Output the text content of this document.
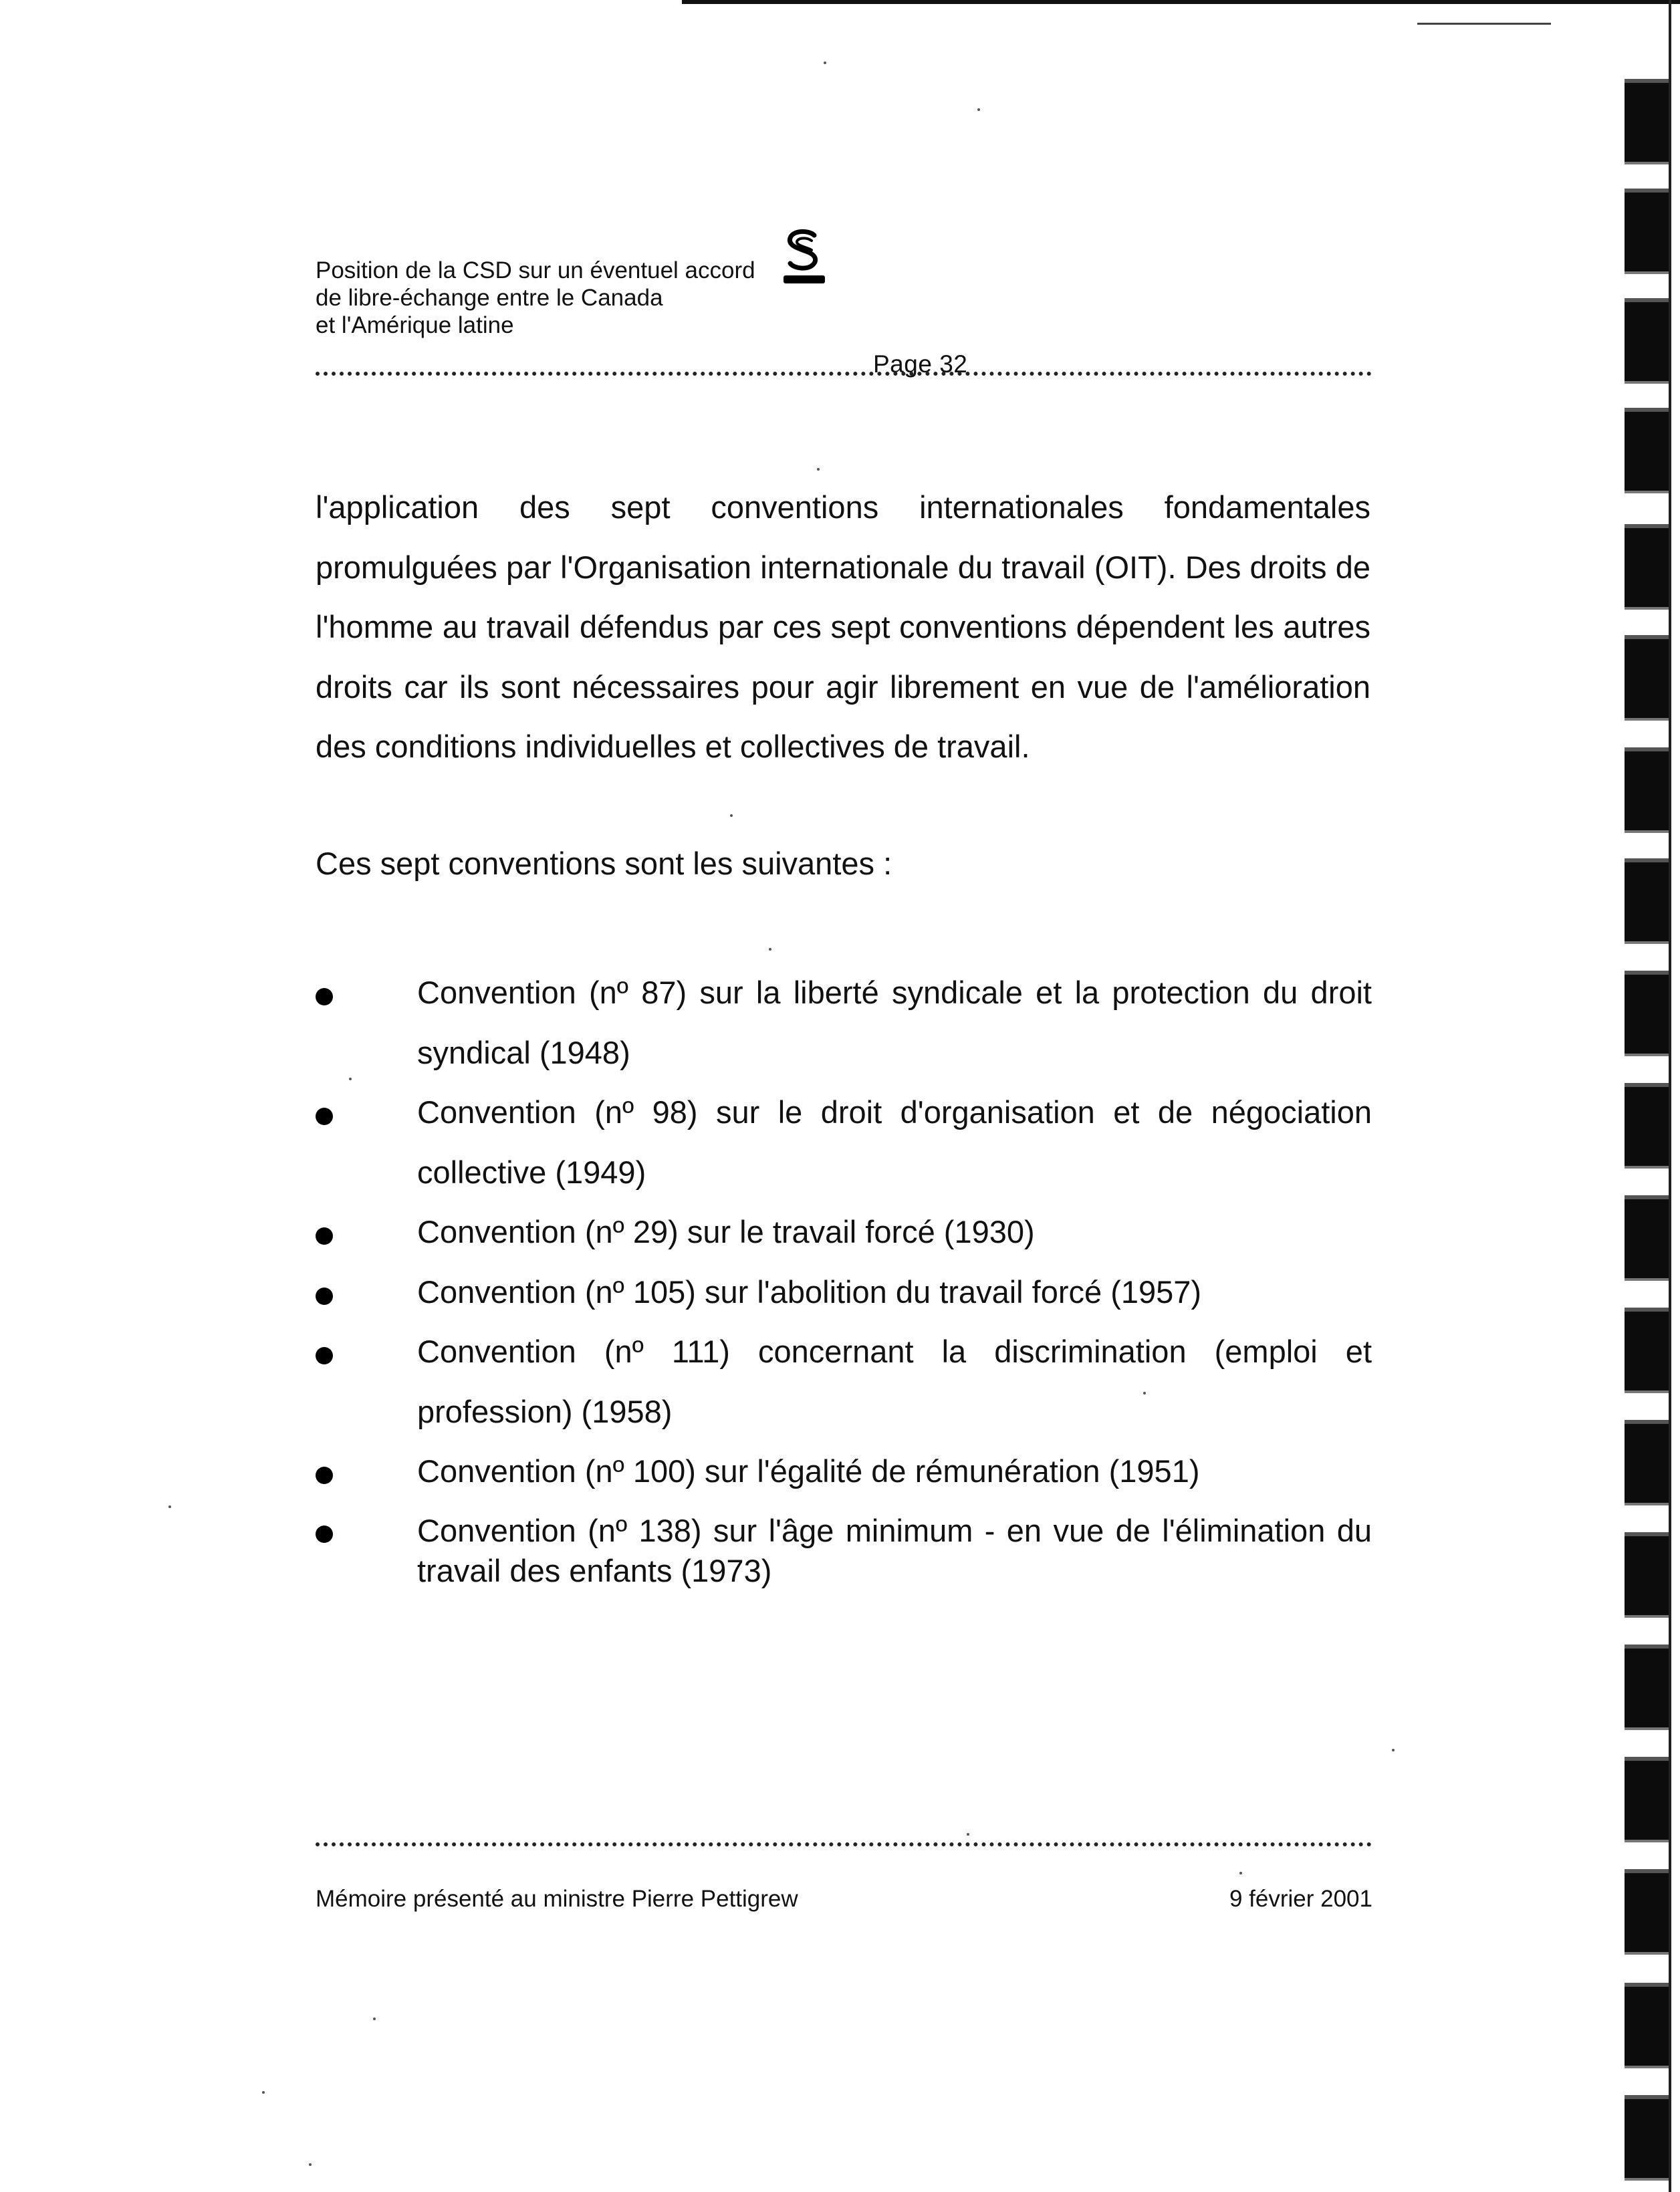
Position de la CSD sur un éventuel accord
de libre-échange entre le Canada
et l'Amérique latine

Page 32

l'application des sept conventions internationales fondamentales promulguées par l'Organisation internationale du travail (OIT). Des droits de l'homme au travail défendus par ces sept conventions dépendent les autres droits car ils sont nécessaires pour agir librement en vue de l'amélioration des conditions individuelles et collectives de travail.

Ces sept conventions sont les suivantes :

Convention (nº 87) sur la liberté syndicale et la protection du droit syndical (1948)
Convention (nº 98) sur le droit d'organisation et de négociation collective (1949)
Convention (nº 29) sur le travail forcé (1930)
Convention (nº 105) sur l'abolition du travail forcé (1957)
Convention (nº 111) concernant la discrimination (emploi et profession) (1958)
Convention (nº 100) sur l'égalité de rémunération (1951)
Convention (nº 138) sur l'âge minimum - en vue de l'élimination du travail des enfants (1973)
Mémoire présenté au ministre Pierre Pettigrew	9 février 2001
